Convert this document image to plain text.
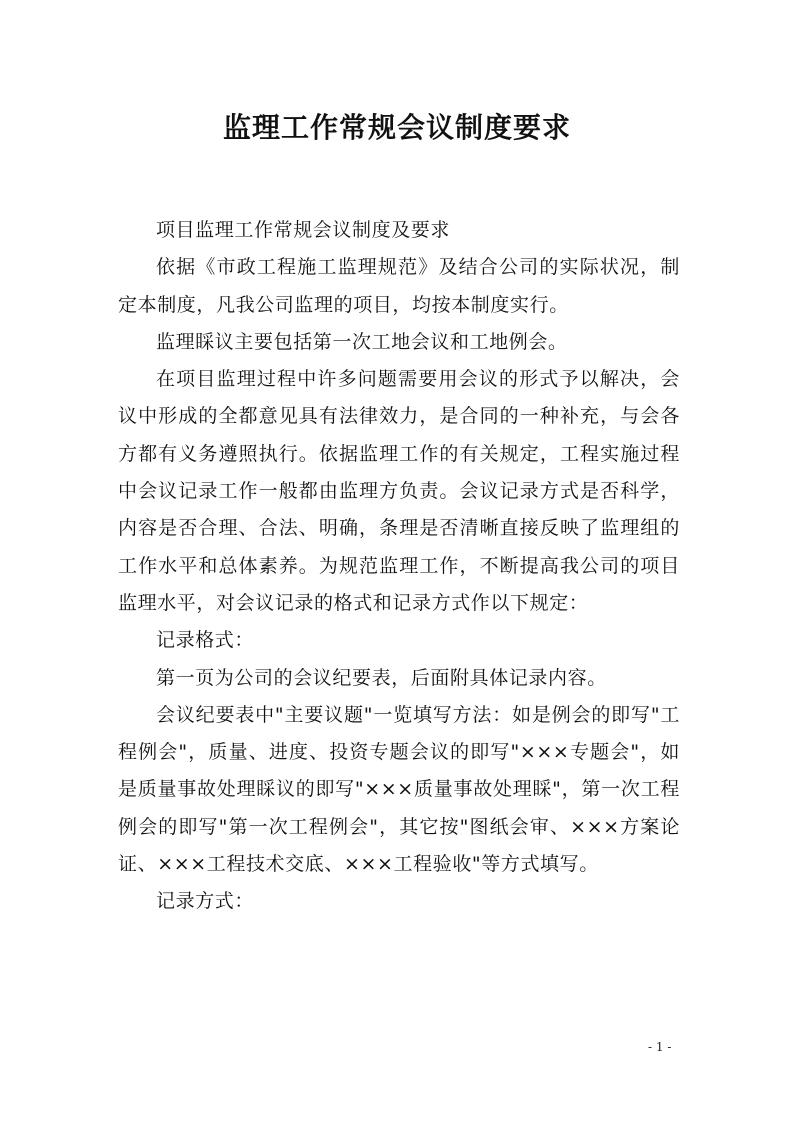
监理工作常规会议制度要求

项目监理工作常规会议制度及要求

依据《市政工程施工监理规范》及结合公司的实际状况，制定本制度，凡我公司监理的项目，均按本制度实行。

监理睬议主要包括第一次工地会议和工地例会。

在项目监理过程中许多问题需要用会议的形式予以解决，会议中形成的全都意见具有法律效力，是合同的一种补充，与会各方都有义务遵照执行。依据监理工作的有关规定，工程实施过程中会议记录工作一般都由监理方负责。会议记录方式是否科学，内容是否合理、合法、明确，条理是否清晰直接反映了监理组的工作水平和总体素养。为规范监理工作，不断提高我公司的项目监理水平，对会议记录的格式和记录方式作以下规定：

记录格式：

第一页为公司的会议纪要表，后面附具体记录内容。

会议纪要表中"主要议题"一览填写方法：如是例会的即写"工程例会"，质量、进度、投资专题会议的即写"×××专题会"，如是质量事故处理睬议的即写"×××质量事故处理睬"，第一次工程例会的即写"第一次工程例会"，其它按"图纸会审、×××方案论证、×××工程技术交底、×××工程验收"等方式填写。

记录方式：

- 1 -
